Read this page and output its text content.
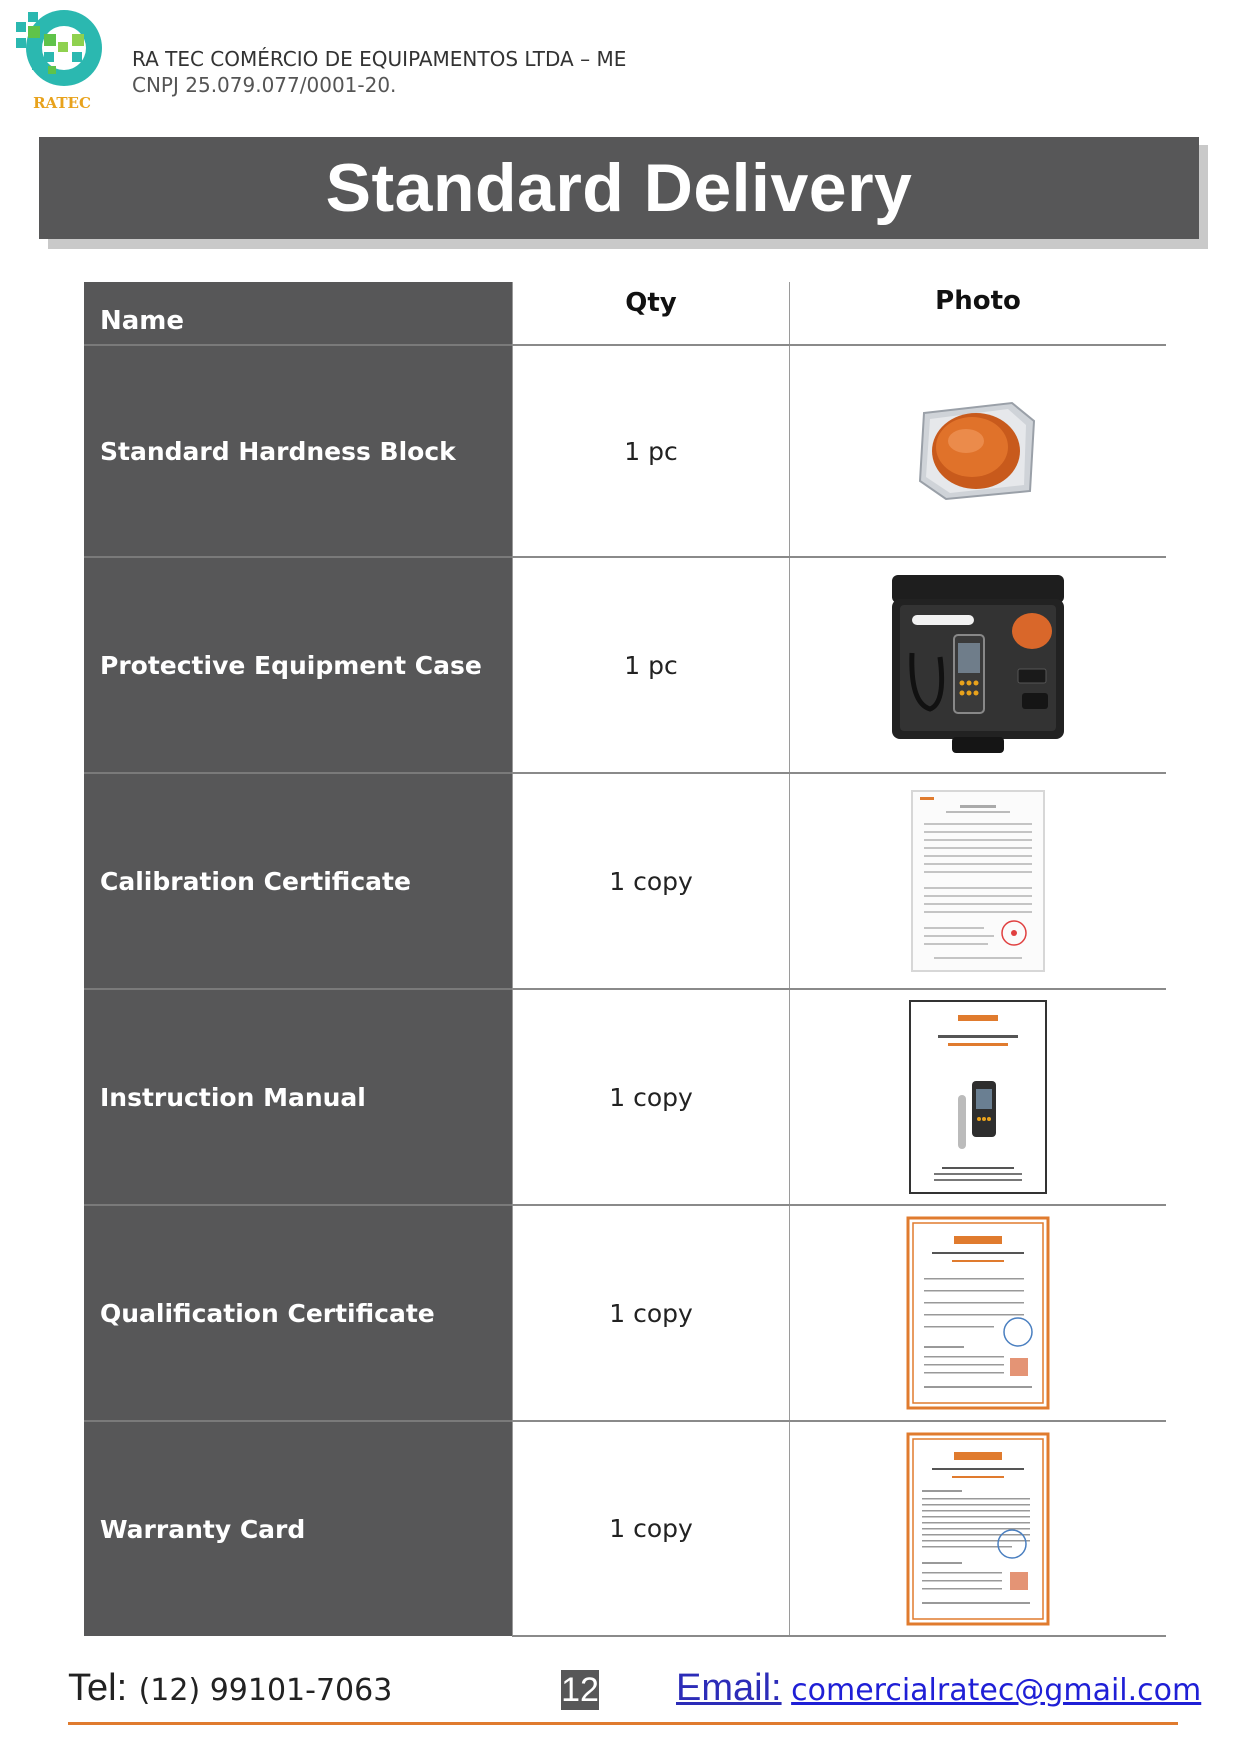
RATEC
RA TEC COMÉRCIO DE EQUIPAMENTOS LTDA – ME
CNPJ 25.079.077/0001-20.
Standard Delivery
Name	Qty	Photo
Standard Hardness Block	1 pc	

Protective Equipment Case	1 pc	

Calibration Certificate	1 copy	

Instruction Manual	1 copy	

Qualification Certificate	1 copy	

Warranty Card	1 copy	
Tel: (12) 99101-7063	12 Email: comercialratec@gmail.com
